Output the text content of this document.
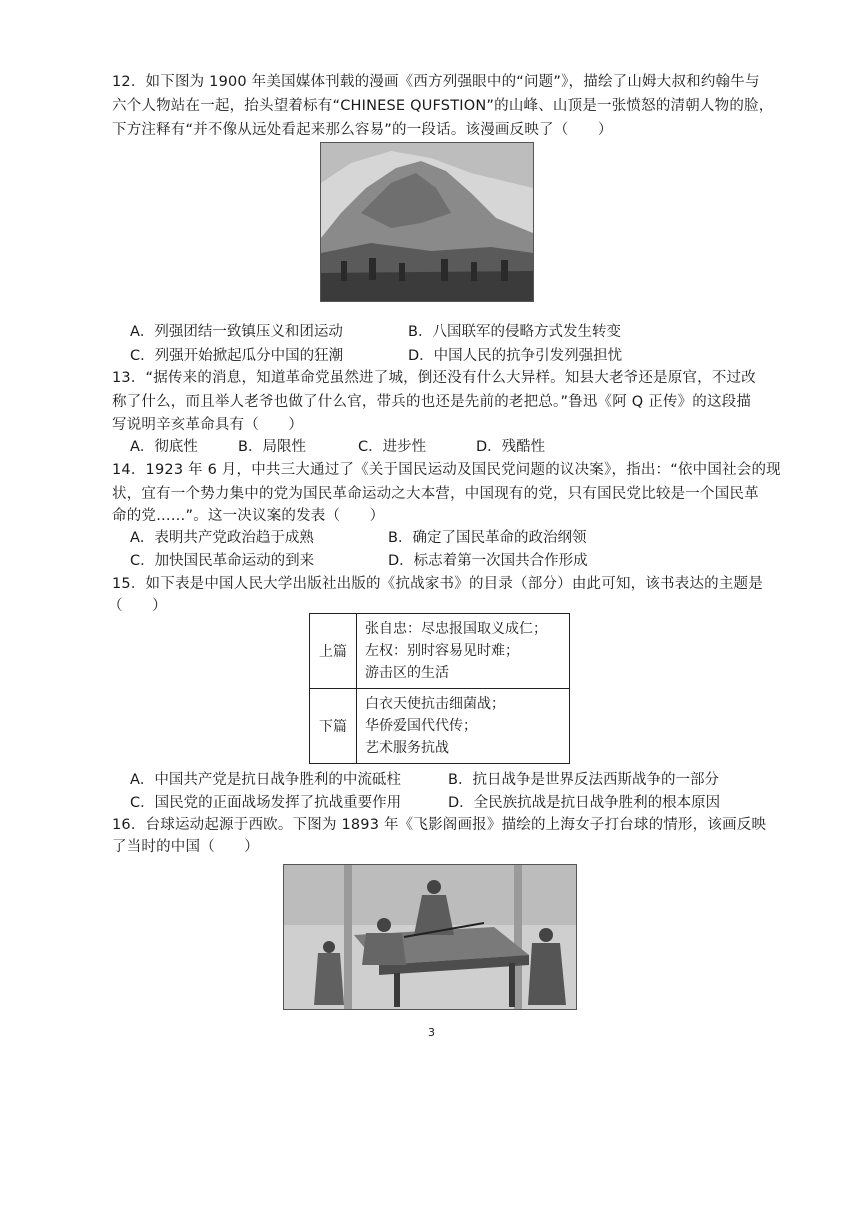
12．如下图为 1900 年美国媒体刊载的漫画《西方列强眼中的“问题”》，描绘了山姆大叔和约翰牛与
六个人物站在一起，抬头望着标有“CHINESE QUFSTION”的山峰、山顶是一张愤怒的清朝人物的脸，
下方注释有“并不像从远处看起来那么容易”的一段话。该漫画反映了（　　）
A．列强团结一致镇压义和团运动	B．八国联军的侵略方式发生转变
C．列强开始掀起瓜分中国的狂潮	D．中国人民的抗争引发列强担忧
13．“据传来的消息，知道革命党虽然进了城，倒还没有什么大异样。知县大老爷还是原官，不过改
称了什么，而且举人老爷也做了什么官，带兵的也还是先前的老把总。”鲁迅《阿 Q 正传》的这段描
写说明辛亥革命具有（　　）
A．彻底性	B．局限性	C．进步性	D．残酷性
14．1923 年 6 月，中共三大通过了《关于国民运动及国民党问题的议决案》，指出：“依中国社会的现
状，宜有一个势力集中的党为国民革命运动之大本营，中国现有的党，只有国民党比较是一个国民革
命的党……”。这一决议案的发表（　　）
A．表明共产党政治趋于成熟	B．确定了国民革命的政治纲领
C．加快国民革命运动的到来	D．标志着第一次国共合作形成
15．如下表是中国人民大学出版社出版的《抗战家书》的目录（部分）由此可知，该书表达的主题是
（　　）
上篇	张自忠：尽忠报国取义成仁；
左权：别时容易见时难；
游击区的生活

下篇	白衣天使抗击细菌战；
华侨爱国代代传；
艺术服务抗战
A．中国共产党是抗日战争胜利的中流砥柱	B．抗日战争是世界反法西斯战争的一部分
C．国民党的正面战场发挥了抗战重要作用	D．全民族抗战是抗日战争胜利的根本原因
16．台球运动起源于西欧。下图为 1893 年《飞影阁画报》描绘的上海女子打台球的情形，该画反映
了当时的中国（　　）
3
